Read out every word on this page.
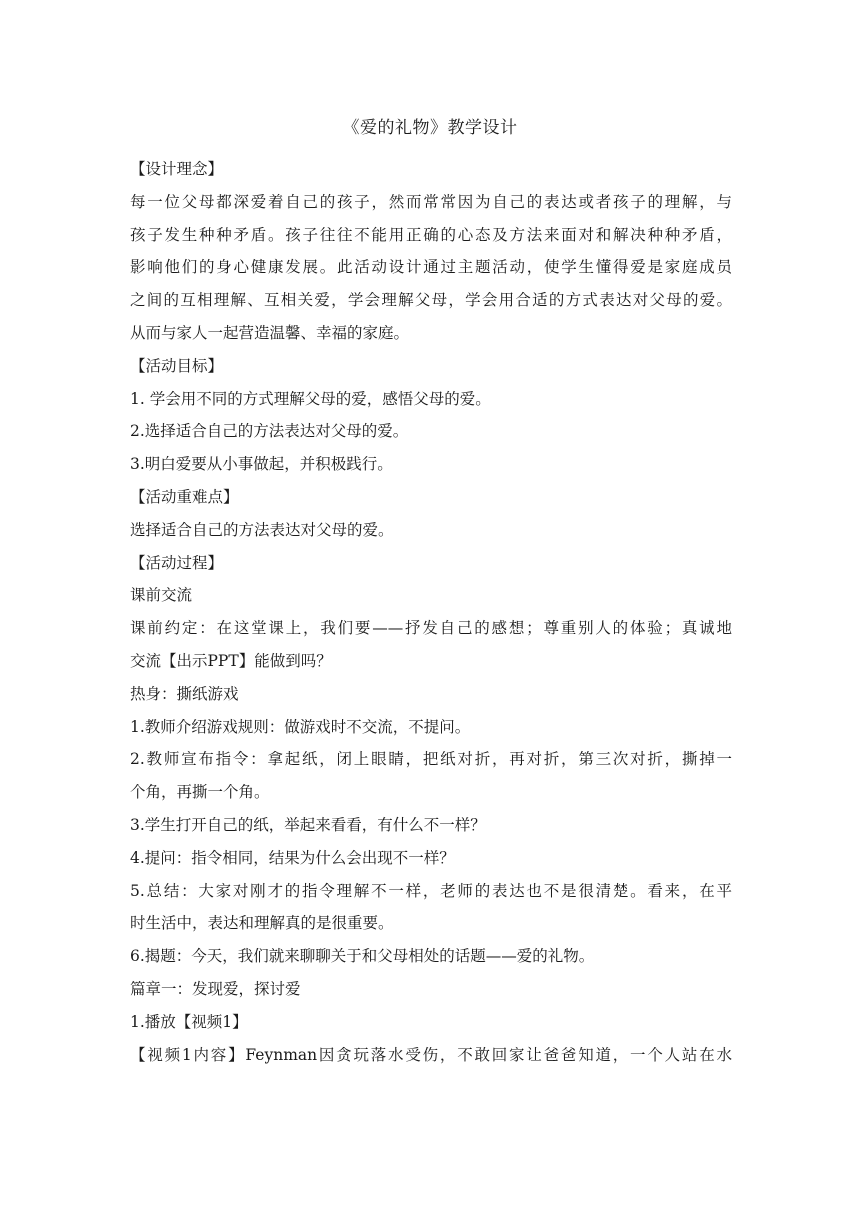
《爱的礼物》教学设计
【设计理念】
每一位父母都深爱着自己的孩子，然而常常因为自己的表达或者孩子的理解，与
孩子发生种种矛盾。孩子往往不能用正确的心态及方法来面对和解决种种矛盾，
影响他们的身心健康发展。此活动设计通过主题活动，使学生懂得爱是家庭成员
之间的互相理解、互相关爱，学会理解父母，学会用合适的方式表达对父母的爱。
从而与家人一起营造温馨、幸福的家庭。
【活动目标】
1. 学会用不同的方式理解父母的爱，感悟父母的爱。
2.选择适合自己的方法表达对父母的爱。
3.明白爱要从小事做起，并积极践行。
【活动重难点】
选择适合自己的方法表达对父母的爱。
【活动过程】
课前交流
课前约定：在这堂课上，我们要——抒发自己的感想；尊重别人的体验；真诚地
交流【出示PPT】能做到吗？
热身：撕纸游戏
1.教师介绍游戏规则：做游戏时不交流，不提问。
2.教师宣布指令：拿起纸，闭上眼睛，把纸对折，再对折，第三次对折，撕掉一
个角，再撕一个角。
3.学生打开自己的纸，举起来看看，有什么不一样？
4.提问：指令相同，结果为什么会出现不一样？
5.总结：大家对刚才的指令理解不一样，老师的表达也不是很清楚。看来，在平
时生活中，表达和理解真的是很重要。
6.揭题：今天，我们就来聊聊关于和父母相处的话题——爱的礼物。
篇章一：发现爱，探讨爱
1.播放【视频1】
【视频1内容】Feynman因贪玩落水受伤，不敢回家让爸爸知道，一个人站在水
